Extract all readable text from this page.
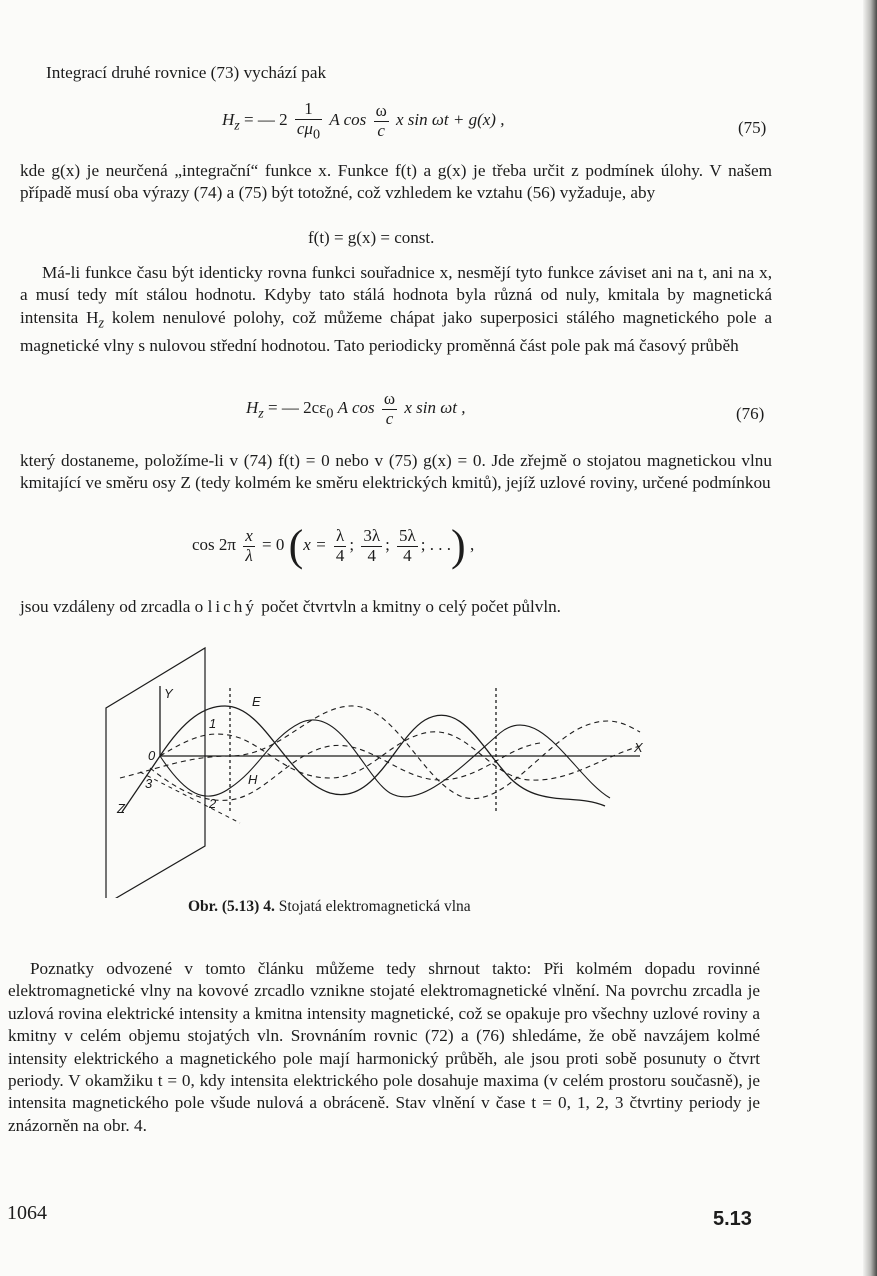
Integrací druhé rovnice (73) vychází pak

$H_z$ = — $2 \frac{1}{c\mu_0}$ A $\cos \frac{\omega}{c}$ x sin ωt + g(x) ,	(75)

kde g(x) je neurčená „integrační“ funkce x. Funkce f(t) a g(x) je třeba určit z podmínek úlohy. V našem případě musí oba výrazy (74) a (75) být totožné, což vzhledem ke vztahu (56) vyžaduje, aby

f(t) = g(x) = const.

Má-li funkce času být identicky rovna funkci souřadnice x, nesmějí tyto funkce záviset ani na t, ani na x, a musí tedy mít stálou hodnotu. Kdyby tato stálá hodnota byla různá od nuly, kmitala by magnetická intensita $H_z$ kolem nenulové polohy, což můžeme chápat jako superposici stálého magnetického pole a magnetické vlny s nulovou střední hodnotou. Tato periodicky proměnná část pole pak má časový průběh

$H_z$ = — $2c\varepsilon_0$ A $\cos \frac{\omega}{c}$ x sin ωt ,	(76)

který dostaneme, položíme-li v (74) f(t) = 0 nebo v (75) g(x) = 0. Jde zřejmě o stojatou magnetickou vlnu kmitající ve směru osy Z (tedy kolmém ke směru elektrických kmitů), jejíž uzlové roviny, určené podmínkou

$\cos 2\pi \frac{x}{\lambda} = 0$ ($x = \frac{\lambda}{4}$ ; $\frac{3\lambda}{4}$ ; $\frac{5\lambda}{4}$ ; . . .) ,

jsou vzdáleny od zrcadla o lichý počet čtvrtvln a kmitny o celý počet půlvln.

Y
X
Z
0
E
H
1
2
3
Obr. (5.13) 4. Stojatá elektromagnetická vlna

Poznatky odvozené v tomto článku můžeme tedy shrnout takto: Při kolmém dopadu rovinné elektromagnetické vlny na kovové zrcadlo vznikne stojaté elektromagnetické vlnění. Na povrchu zrcadla je uzlová rovina elektrické intensity a kmitna intensity magnetické, což se opakuje pro všechny uzlové roviny a kmitny v celém objemu stojatých vln. Srovnáním rovnic (72) a (76) shledáme, že obě navzájem kolmé intensity elektrického a magnetického pole mají harmonický průběh, ale jsou proti sobě posunuty o čtvrt periody. V okamžiku t = 0, kdy intensita elektrického pole dosahuje maxima (v celém prostoru současně), je intensita magnetického pole všude nulová a obráceně. Stav vlnění v čase t = 0, 1, 2, 3 čtvrtiny periody je znázorněn na obr. 4.

1064	5.13
